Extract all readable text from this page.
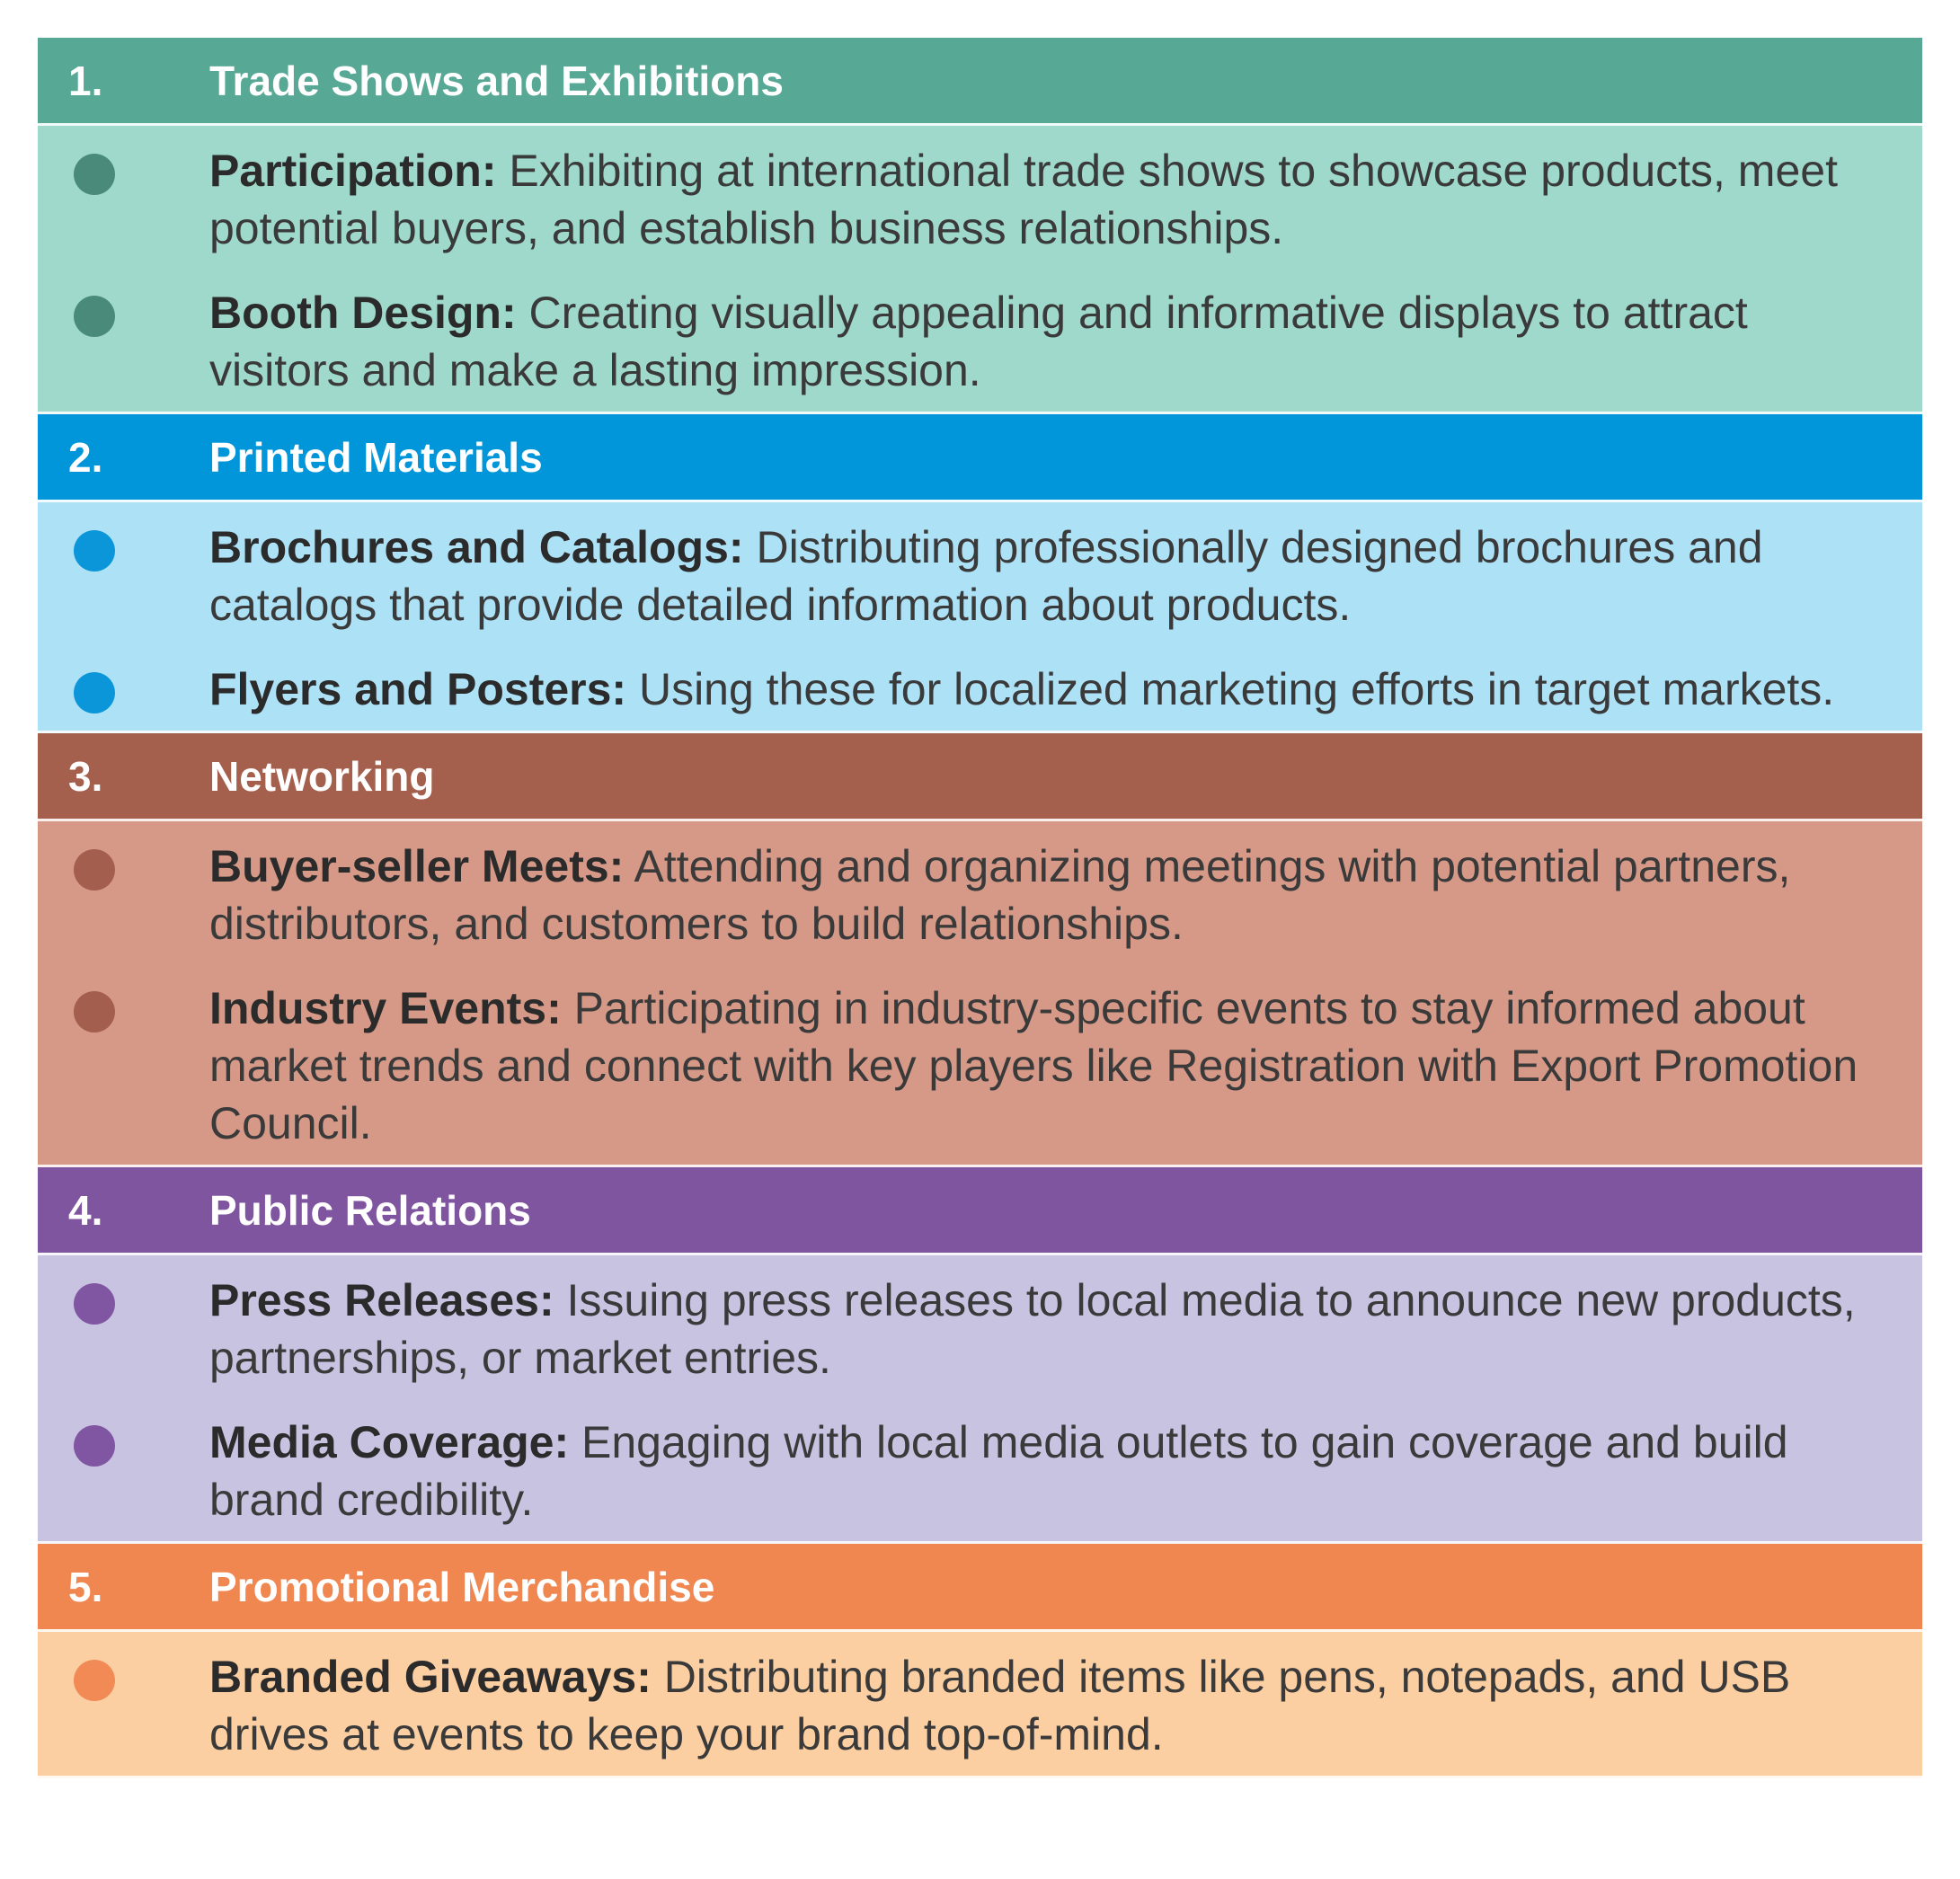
1.	Trade Shows and Exhibitions
Participation: Exhibiting at international trade shows to showcase products, meet potential buyers, and establish business relationships.
Booth Design: Creating visually appealing and informative displays to attract visitors and make a lasting impression.
2.	Printed Materials
Brochures and Catalogs: Distributing professionally designed brochures and catalogs that provide detailed information about products.
Flyers and Posters: Using these for localized marketing efforts in target markets.
3.	Networking
Buyer-seller Meets: Attending and organizing meetings with potential partners, distributors, and customers to build relationships.
Industry Events: Participating in industry-specific events to stay informed about market trends and connect with key players like Registration with Export Promotion Council.
4.	Public Relations
Press Releases: Issuing press releases to local media to announce new products, partnerships, or market entries.
Media Coverage: Engaging with local media outlets to gain coverage and build brand credibility.
5.	Promotional Merchandise
Branded Giveaways: Distributing branded items like pens, notepads, and USB drives at events to keep your brand top-of-mind.
